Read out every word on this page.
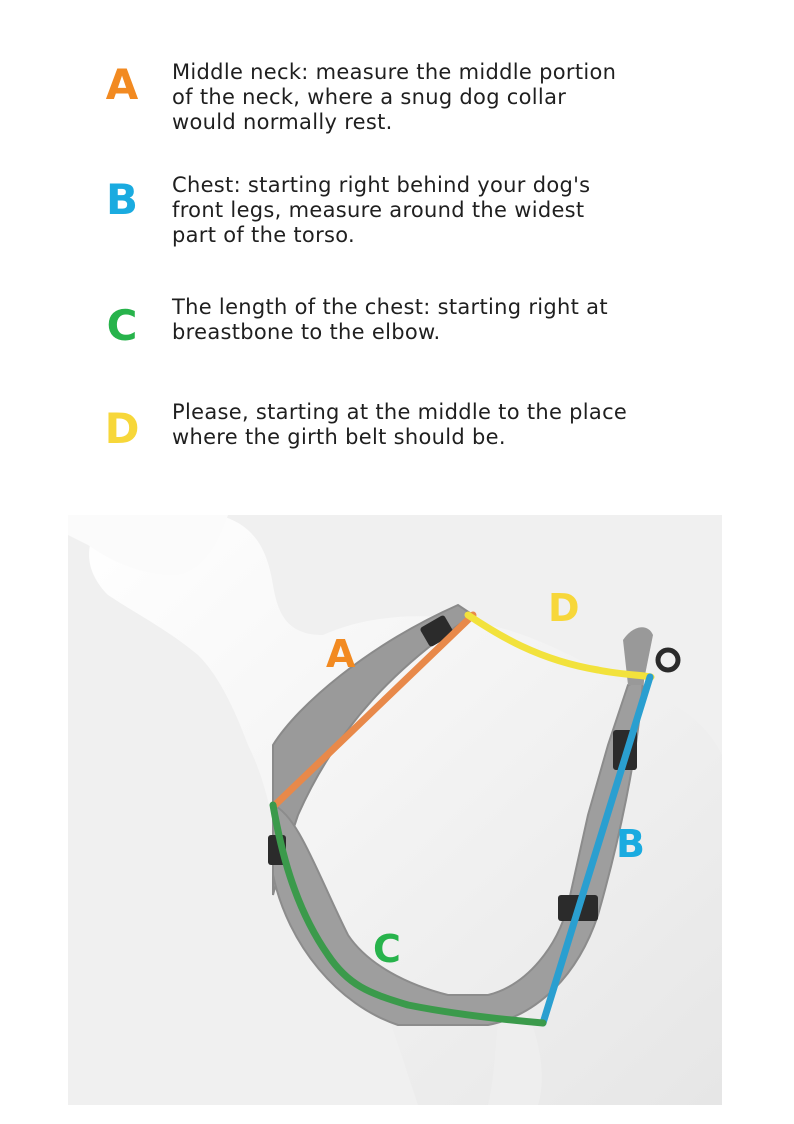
A Middle neck: measure the middle portion
of the neck, where a snug dog collar
would normally rest.
B Chest: starting right behind your dog's
front legs, measure around the widest
part of the torso.
C	The length of the chest: starting right at
breastbone to the elbow.
D Please, starting at the middle to the place
where the girth belt should be.
A
D
B
C
